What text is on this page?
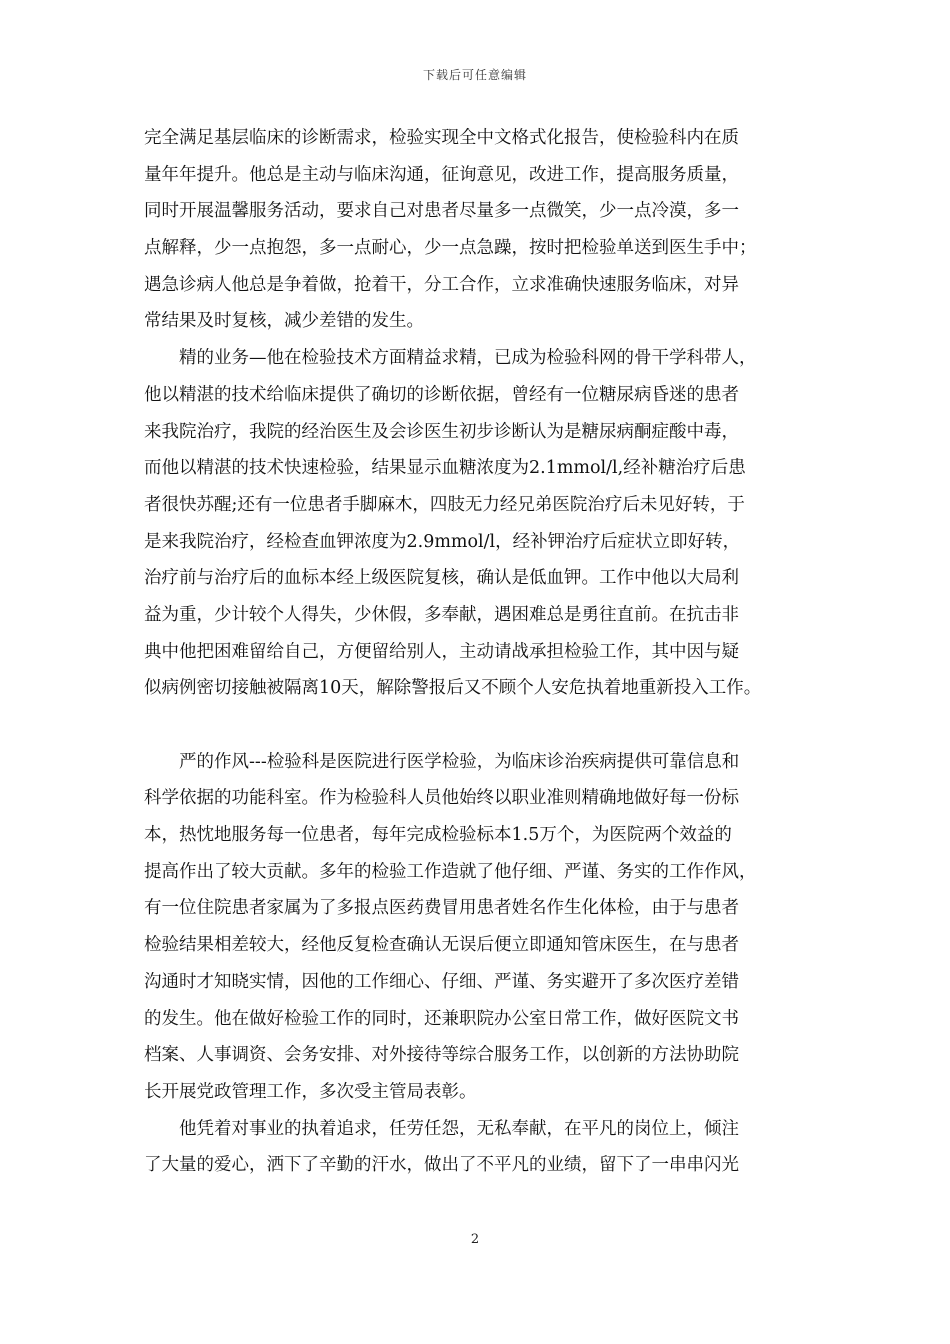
下载后可任意编辑
完全满足基层临床的诊断需求，检验实现全中文格式化报告，使检验科内在质
量年年提升。他总是主动与临床沟通，征询意见，改进工作，提高服务质量，
同时开展温馨服务活动，要求自己对患者尽量多一点微笑，少一点冷漠，多一
点解释，少一点抱怨，多一点耐心，少一点急躁，按时把检验单送到医生手中；
遇急诊病人他总是争着做，抢着干，分工合作，立求准确快速服务临床，对异
常结果及时复核，减少差错的发生。
精的业务—他在检验技术方面精益求精，已成为检验科网的骨干学科带人，
他以精湛的技术给临床提供了确切的诊断依据，曾经有一位糖尿病昏迷的患者
来我院治疗，我院的经治医生及会诊医生初步诊断认为是糖尿病酮症酸中毒，
而他以精湛的技术快速检验，结果显示血糖浓度为2.1mmol/l,经补糖治疗后患
者很快苏醒;还有一位患者手脚麻木，四肢无力经兄弟医院治疗后未见好转，于
是来我院治疗，经检查血钾浓度为2.9mmol/l，经补钾治疗后症状立即好转，
治疗前与治疗后的血标本经上级医院复核，确认是低血钾。工作中他以大局利
益为重，少计较个人得失，少休假，多奉献，遇困难总是勇往直前。在抗击非
典中他把困难留给自己，方便留给别人，主动请战承担检验工作，其中因与疑
似病例密切接触被隔离10天，解除警报后又不顾个人安危执着地重新投入工作。
严的作风---检验科是医院进行医学检验，为临床诊治疾病提供可靠信息和
科学依据的功能科室。作为检验科人员他始终以职业准则精确地做好每一份标
本，热忱地服务每一位患者，每年完成检验标本1.5万个，为医院两个效益的
提高作出了较大贡献。多年的检验工作造就了他仔细、严谨、务实的工作作风，
有一位住院患者家属为了多报点医药费冒用患者姓名作生化体检，由于与患者
检验结果相差较大，经他反复检查确认无误后便立即通知管床医生，在与患者
沟通时才知晓实情，因他的工作细心、仔细、严谨、务实避开了多次医疗差错
的发生。他在做好检验工作的同时，还兼职院办公室日常工作，做好医院文书
档案、人事调资、会务安排、对外接待等综合服务工作，以创新的方法协助院
长开展党政管理工作，多次受主管局表彰。
他凭着对事业的执着追求，任劳任怨，无私奉献，在平凡的岗位上，倾注
了大量的爱心，洒下了辛勤的汗水，做出了不平凡的业绩，留下了一串串闪光
2
